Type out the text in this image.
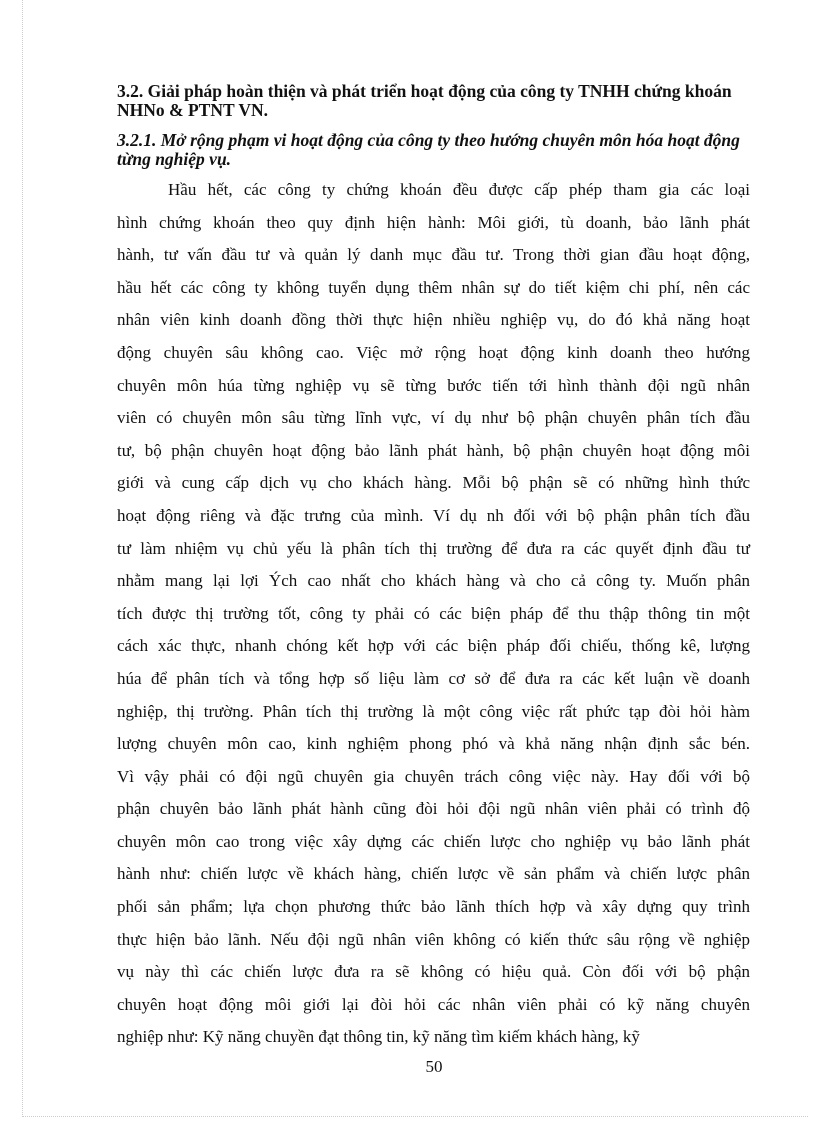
3.2. Giải pháp hoàn thiện và phát triển hoạt động của công ty TNHH chứng khoán NHNo & PTNT VN.
3.2.1. Mở rộng phạm vi hoạt động của công ty theo hướng chuyên môn hóa hoạt động từng nghiệp vụ.
Hầu hết, các công ty chứng khoán đều được cấp phép tham gia các loại
hình chứng khoán theo quy định hiện hành: Môi giới, tù doanh, bảo lãnh phát
hành, tư vấn đầu tư và quản lý danh mục đầu tư. Trong thời gian đầu hoạt động,
hầu hết các công ty không tuyển dụng thêm nhân sự do tiết kiệm chi phí, nên các
nhân viên kinh doanh đồng thời thực hiện nhiều nghiệp vụ, do đó khả năng hoạt
động chuyên sâu không cao. Việc mở rộng hoạt động kinh doanh theo hướng
chuyên môn húa từng nghiệp vụ sẽ từng bước tiến tới hình thành đội ngũ nhân
viên có chuyên môn sâu từng lĩnh vực, ví dụ như bộ phận chuyên phân tích đầu
tư, bộ phận chuyên hoạt động bảo lãnh phát hành, bộ phận chuyên hoạt động môi
giới và cung cấp dịch vụ cho khách hàng. Mỗi bộ phận sẽ có những hình thức
hoạt động riêng và đặc trưng của mình. Ví dụ nh đối với bộ phận phân tích đầu
tư làm nhiệm vụ chủ yếu là phân tích thị trường để đưa ra các quyết định đầu tư
nhằm mang lại lợi Ých cao nhất cho khách hàng và cho cả công ty. Muốn phân
tích được thị trường tốt, công ty phải có các biện pháp để thu thập thông tin một
cách xác thực, nhanh chóng kết hợp với các biện pháp đối chiếu, thống kê, lượng
húa để phân tích và tổng hợp số liệu làm cơ sở để đưa ra các kết luận về doanh
nghiệp, thị trường. Phân tích thị trường là một công việc rất phức tạp đòi hỏi hàm
lượng chuyên môn cao, kinh nghiệm phong phó và khả năng nhận định sắc bén.
Vì vậy phải có đội ngũ chuyên gia chuyên trách công việc này. Hay đối với bộ
phận chuyên bảo lãnh phát hành cũng đòi hỏi đội ngũ nhân viên phải có trình độ
chuyên môn cao trong việc xây dựng các chiến lược cho nghiệp vụ bảo lãnh phát
hành như: chiến lược về khách hàng, chiến lược về sản phẩm và chiến lược phân
phối sản phẩm; lựa chọn phương thức bảo lãnh thích hợp và xây dựng quy trình
thực hiện bảo lãnh. Nếu đội ngũ nhân viên không có kiến thức sâu rộng về nghiệp
vụ này thì các chiến lược đưa ra sẽ không có hiệu quả. Còn đối với bộ phận
chuyên hoạt động môi giới lại đòi hỏi các nhân viên phải có kỹ năng chuyên
nghiệp như: Kỹ năng chuyền đạt thông tin, kỹ năng tìm kiếm khách hàng, kỹ
50
